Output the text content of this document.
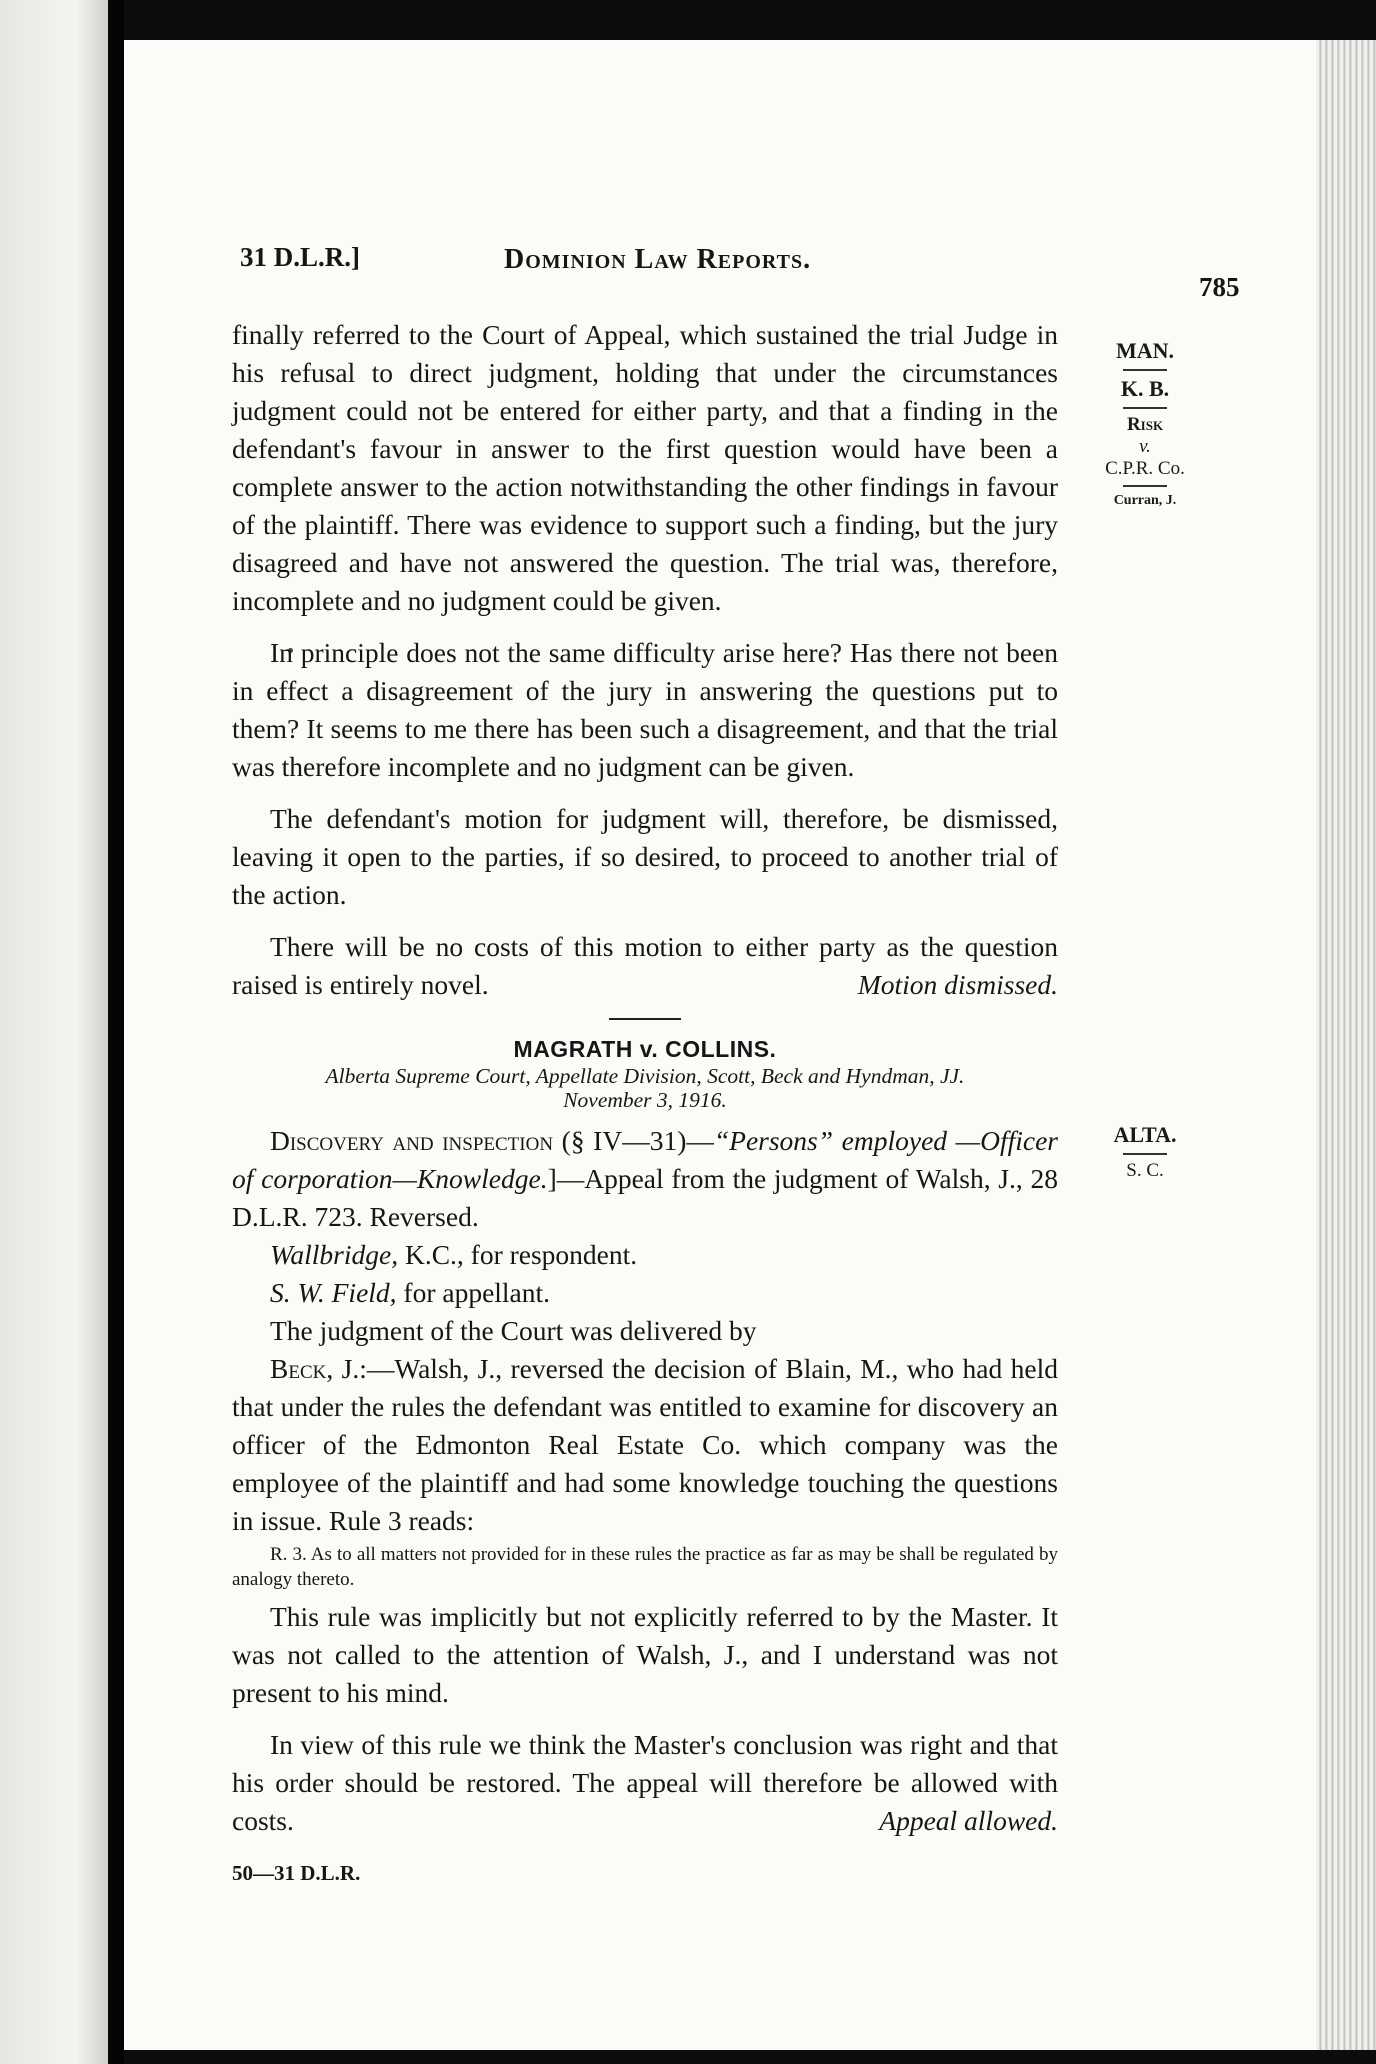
31 D.L.R.]	Dominion Law Reports.
785
MAN.
K. B.
Risk
v.
C.P.R. Co.
Curran, J.
ALTA.
S. C.

finally referred to the Court of Appeal, which sustained the trial Judge in his refusal to direct judgment, holding that under the circumstances judgment could not be entered for either party, and that a finding in the defendant's favour in answer to the first question would have been a complete answer to the action notwithstanding the other findings in favour of the plaintiff. There was evidence to support such a finding, but the jury disagreed and have not answered the question. The trial was, therefore, incomplete and no judgment could be given.

In principle does not the same difficulty arise here? Has there not been in effect a disagreement of the jury in answering the questions put to them? It seems to me there has been such a disagreement, and that the trial was therefore incomplete and no judgment can be given.

The defendant's motion for judgment will, therefore, be dismissed, leaving it open to the parties, if so desired, to proceed to another trial of the action.

There will be no costs of this motion to either party as the question raised is entirely novel.	Motion dismissed.

MAGRATH v. COLLINS.

Alberta Supreme Court, Appellate Division, Scott, Beck and Hyndman, JJ.

November 3, 1916.

Discovery and inspection (§ IV—31)—“Persons” employed —Officer of corporation—Knowledge.]—Appeal from the judgment of Walsh, J., 28 D.L.R. 723. Reversed.

Wallbridge, K.C., for respondent.

S. W. Field, for appellant.

The judgment of the Court was delivered by

Beck, J.:—Walsh, J., reversed the decision of Blain, M., who had held that under the rules the defendant was entitled to examine for discovery an officer of the Edmonton Real Estate Co. which company was the employee of the plaintiff and had some knowledge touching the questions in issue. Rule 3 reads:

R. 3. As to all matters not provided for in these rules the practice as far as may be shall be regulated by analogy thereto.

This rule was implicitly but not explicitly referred to by the Master. It was not called to the attention of Walsh, J., and I understand was not present to his mind.

In view of this rule we think the Master's conclusion was right and that his order should be restored. The appeal will therefore be allowed with costs.	Appeal allowed.

50—31 D.L.R.
